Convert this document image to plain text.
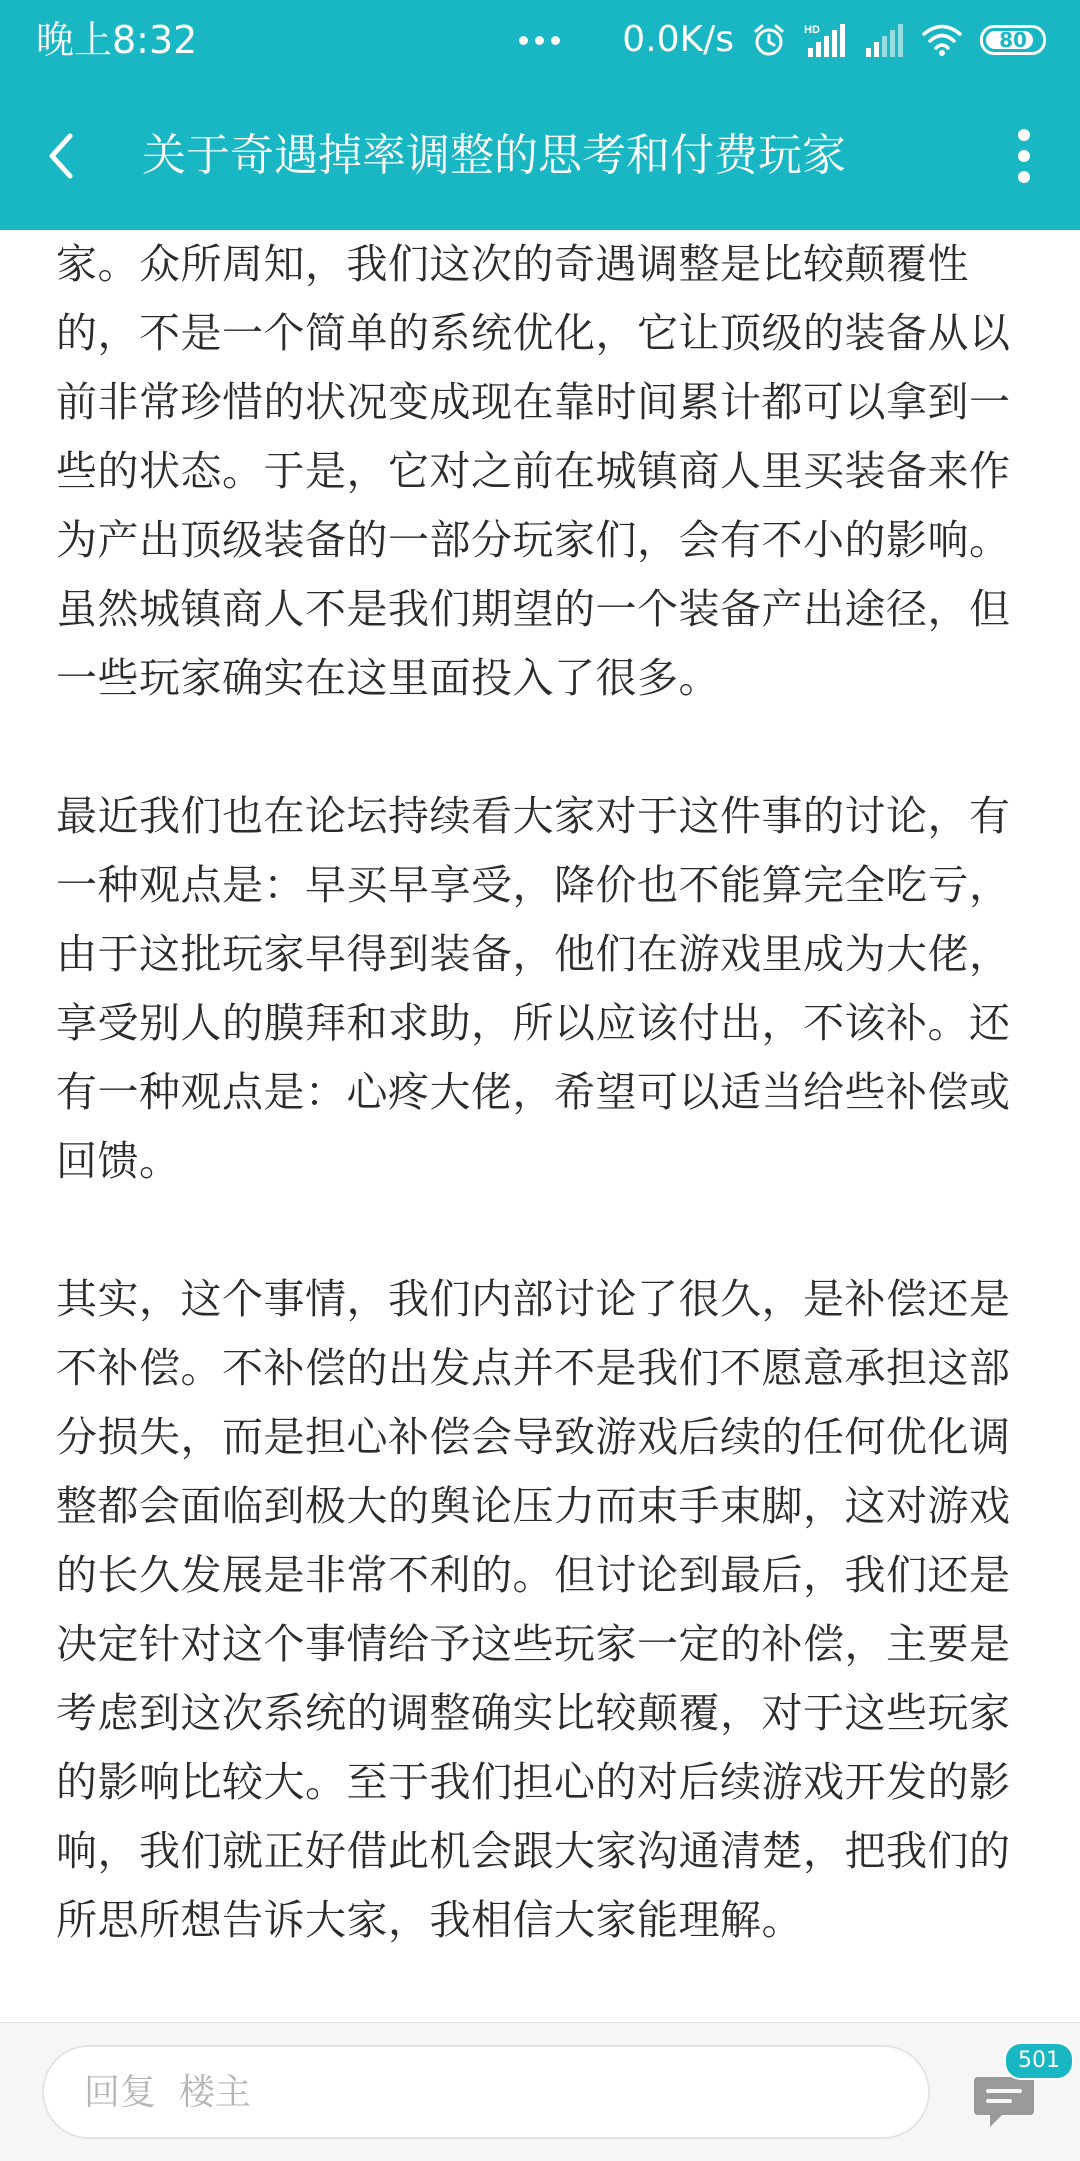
晚上8:32	0.0K/s	HD	80
关于奇遇掉率调整的思考和付费玩家

家。众所周知，我们这次的奇遇调整是比较颠覆性的，不是一个简单的系统优化，它让顶级的装备从以前非常珍惜的状况变成现在靠时间累计都可以拿到一些的状态。于是，它对之前在城镇商人里买装备来作为产出顶级装备的一部分玩家们，会有不小的影响。虽然城镇商人不是我们期望的一个装备产出途径，但一些玩家确实在这里面投入了很多。

最近我们也在论坛持续看大家对于这件事的讨论，有一种观点是：早买早享受，降价也不能算完全吃亏，由于这批玩家早得到装备，他们在游戏里成为大佬，享受别人的膜拜和求助，所以应该付出，不该补。还有一种观点是：心疼大佬，希望可以适当给些补偿或回馈。

其实，这个事情，我们内部讨论了很久，是补偿还是不补偿。不补偿的出发点并不是我们不愿意承担这部分损失，而是担心补偿会导致游戏后续的任何优化调整都会面临到极大的舆论压力而束手束脚，这对游戏的长久发展是非常不利的。但讨论到最后，我们还是决定针对这个事情给予这些玩家一定的补偿，主要是考虑到这次系统的调整确实比较颠覆，对于这些玩家的影响比较大。至于我们担心的对后续游戏开发的影响，我们就正好借此机会跟大家沟通清楚，把我们的所思所想告诉大家，我相信大家能理解。

回复 楼主
501
